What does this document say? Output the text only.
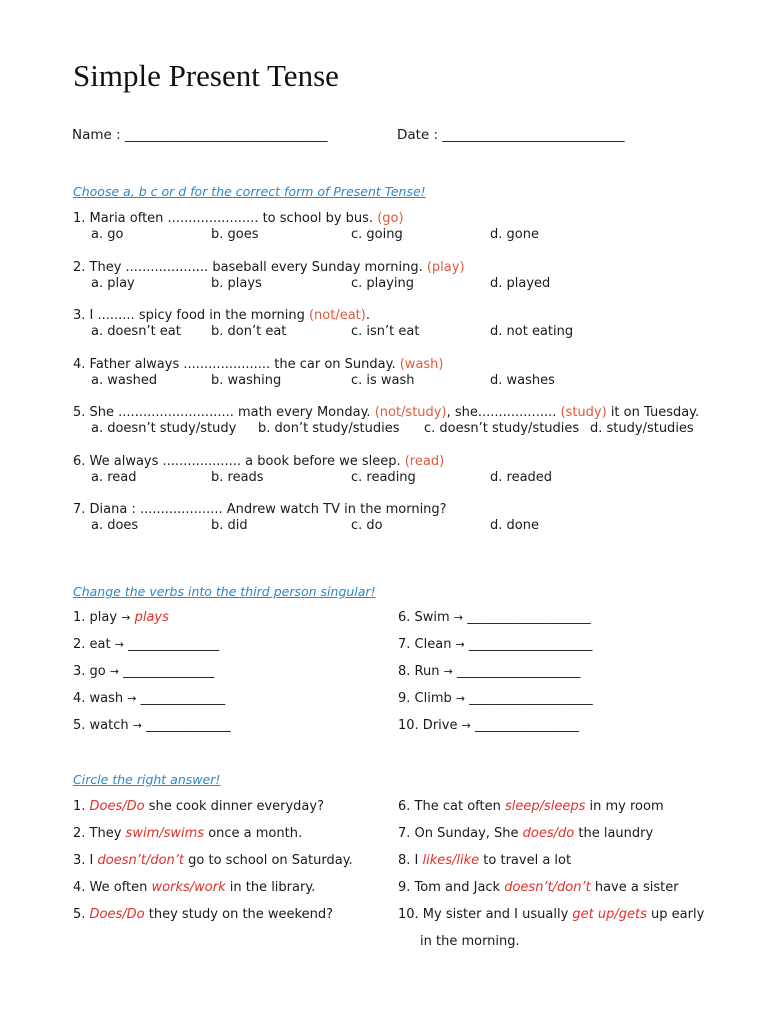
Simple Present Tense
Name : ______________________________	Date : ___________________________
Choose a, b c or d for the correct form of Present Tense!
1. Maria often ...................... to school by bus. (go)
a. go	b. goes	c. going	d. gone
2. They .................... baseball every Sunday morning. (play)
a. play	b. plays	c. playing	d. played
3. I ......... spicy food in the morning (not/eat).
a. doesn’t eat b. don’t eat	c. isn’t eat	d. not eating
4. Father always ..................... the car on Sunday. (wash)
a. washed	b. washing	c. is wash	d. washes
5. She ............................ math every Monday. (not/study), she................... (study) it on Tuesday.
a. doesn’t study/study b. don’t study/studies c. doesn’t study/studies d. study/studies
6. We always ................... a book before we sleep. (read)
a. read	b. reads	c. reading	d. readed
7. Diana : .................... Andrew watch TV in the morning?
a. does	b. did	c. do	d. done
Change the verbs into the third person singular!
1. play → plays
2. eat → ______________
3. go → ______________
4. wash → _____________
5. watch → _____________
6. Swim → ___________________
7. Clean → ___________________
8. Run → ___________________
9. Climb → ___________________
10. Drive → ________________
Circle the right answer!
1. Does/Do she cook dinner everyday?
2. They swim/swims once a month.
3. I doesn’t/don’t go to school on Saturday.
4. We often works/work in the library.
5. Does/Do they study on the weekend?
6. The cat often sleep/sleeps in my room
7. On Sunday, She does/do the laundry
8. I likes/like to travel a lot
9. Tom and Jack doesn’t/don’t have a sister
10. My sister and I usually get up/gets up early
in the morning.
